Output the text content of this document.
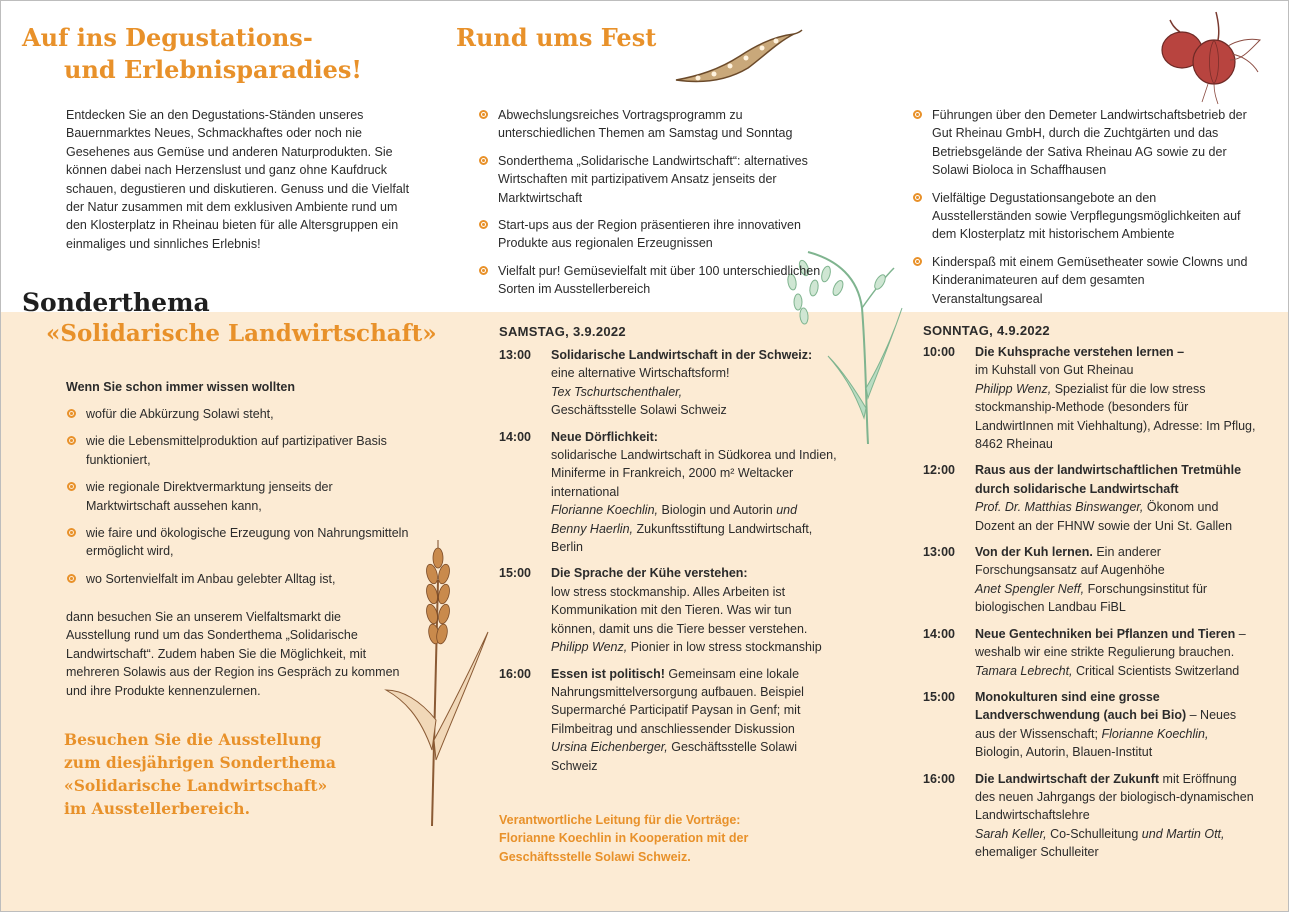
Auf ins Degustations-
und Erlebnisparadies!

Entdecken Sie an den Degustations-Ständen unseres Bauernmarktes Neues, Schmackhaftes oder noch nie Gesehenes aus Gemüse und anderen Naturprodukten. Sie können dabei nach Herzenslust und ganz ohne Kaufdruck schauen, degustieren und diskutieren. Genuss und die Vielfalt der Natur zusammen mit dem exklusiven Ambiente rund um den Klosterplatz in Rheinau bieten für alle Altersgruppen ein einmaliges und sinnliches Erlebnis!

Rund ums Fest
Abwechslungsreiches Vortragsprogramm zu unterschiedlichen Themen am Samstag und Sonntag
Sonderthema „Solidarische Landwirtschaft“: alternatives Wirtschaften mit partizipativem Ansatz jenseits der Marktwirtschaft
Start-ups aus der Region präsentieren ihre innovativen Produkte aus regionalen Erzeugnissen
Vielfalt pur! Gemüsevielfalt mit über 100 unterschiedlichen Sorten im Ausstellerbereich
Führungen über den Demeter Landwirtschaftsbetrieb der Gut Rheinau GmbH, durch die Zuchtgärten und das Betriebsgelände der Sativa Rheinau AG sowie zu der Solawi Bioloca in Schaffhausen
Vielfältige Degustationsangebote an den Ausstellerständen sowie Verpflegungsmöglichkeiten auf dem Klosterplatz mit historischem Ambiente
Kinderspaß mit einem Gemüsetheater sowie Clowns und Kinderanimateuren auf dem gesamten Veranstaltungsareal
Sonderthema
«Solidarische Landwirtschaft»
Wenn Sie schon immer wissen wollten
wofür die Abkürzung Solawi steht,
wie die Lebensmittelproduktion auf partizipativer Basis funktioniert,
wie regionale Direktvermarktung jenseits der Marktwirtschaft aussehen kann,
wie faire und ökologische Erzeugung von Nahrungsmitteln ermöglicht wird,
wo Sortenvielfalt im Anbau gelebter Alltag ist,

dann besuchen Sie an unserem Vielfaltsmarkt die Ausstellung rund um das Sonderthema „Solidarische Landwirtschaft“. Zudem haben Sie die Möglichkeit, mit mehreren Solawis aus der Region ins Gespräch zu kommen und ihre Produkte kennenzulernen.

Besuchen Sie die Ausstellung
zum diesjährigen Sonderthema
«Solidarische Landwirtschaft»
im Ausstellerbereich.
SAMSTAG, 3.9.2022
13:00	Solidarische Landwirtschaft in der Schweiz:
eine alternative Wirtschaftsform!
Tex Tschurtschenthaler,
Geschäftsstelle Solawi Schweiz
14:00	Neue Dörflichkeit:
solidarische Landwirtschaft in Südkorea und Indien, Miniferme in Frankreich, 2000 m² Weltacker international
Florianne Koechlin, Biologin und Autorin und
Benny Haerlin, Zukunftsstiftung Landwirtschaft, Berlin
15:00	Die Sprache der Kühe verstehen:
low stress stockmanship. Alles Arbeiten ist Kommunikation mit den Tieren. Was wir tun können, damit uns die Tiere besser verstehen.
Philipp Wenz, Pionier in low stress stockmanship
16:00	Essen ist politisch! Gemeinsam eine lokale Nahrungsmittelversorgung aufbauen. Beispiel Supermarché Participatif Paysan in Genf; mit Filmbeitrag und anschliessender Diskussion
Ursina Eichenberger, Geschäftsstelle Solawi Schweiz

Verantwortliche Leitung für die Vorträge: Florianne Koechlin in Kooperation mit der Geschäftsstelle Solawi Schweiz.

SONNTAG, 4.9.2022
10:00	Die Kuhsprache verstehen lernen –
im Kuhstall von Gut Rheinau
Philipp Wenz, Spezialist für die low stress stockmanship-Methode (besonders für LandwirtInnen mit Viehhaltung), Adresse: Im Pflug, 8462 Rheinau
12:00	Raus aus der landwirtschaftlichen Tretmühle durch solidarische Landwirtschaft
Prof. Dr. Matthias Binswanger, Ökonom und Dozent an der FHNW sowie der Uni St. Gallen
13:00	Von der Kuh lernen. Ein anderer Forschungsansatz auf Augenhöhe
Anet Spengler Neff, Forschungsinstitut für biologischen Landbau FiBL
14:00	Neue Gentechniken bei Pflanzen und Tieren – weshalb wir eine strikte Regulierung brauchen.
Tamara Lebrecht, Critical Scientists Switzerland
15:00	Monokulturen sind eine grosse Landverschwendung (auch bei Bio) – Neues aus der Wissenschaft; Florianne Koechlin, Biologin, Autorin, Blauen-Institut
16:00	Die Landwirtschaft der Zukunft mit Eröffnung des neuen Jahrgangs der biologisch-dynamischen Landwirtschaftslehre
Sarah Keller, Co-Schulleitung und Martin Ott,
ehemaliger Schulleiter
